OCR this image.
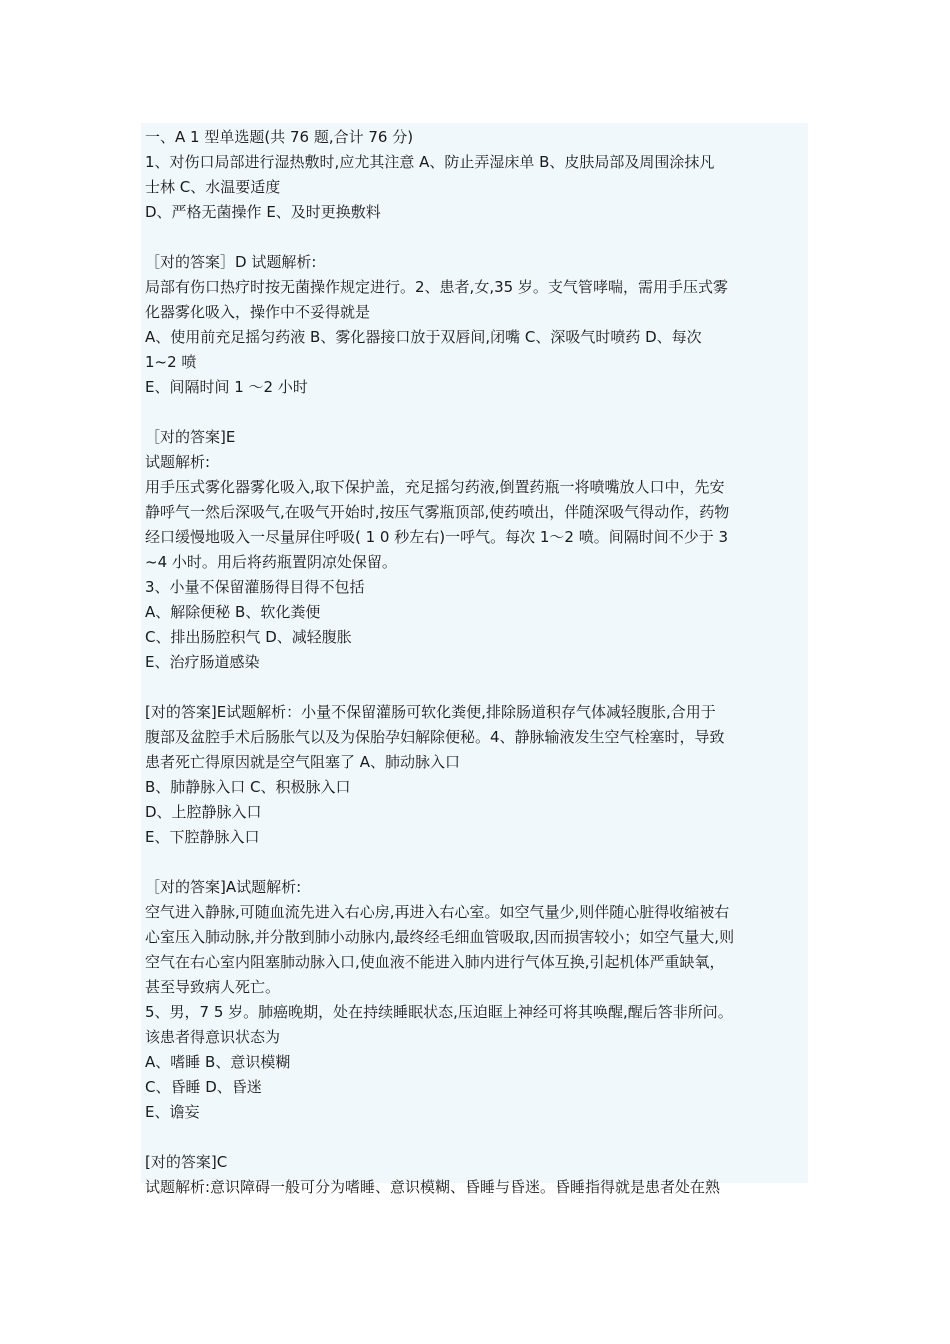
一、A 1 型单选题(共 76 题,合计 76 分)
1、对伤口局部进行湿热敷时,应尤其注意 ﻿A、防止弄湿床单 ﻿B、皮肤局部及周围涂抹凡
士林 ﻿C、水温要适度
D、严格无菌操作 ﻿E、及时更换敷料
［对的答案］D ﻿试题解析:
局部有伤口热疗时按无菌操作规定进行。2﻿、患者,女,35 岁。支气管哮喘，需用手压式雾
化器雾化吸入，操作中不妥得就是
A、使用前充足摇匀药液 ﻿B、雾化器接口放于双唇间,闭嘴 ﻿C、深吸气时喷药 ﻿D、每次
1~2 喷
E、间隔时间 1 ～2 小时
［对的答案]E
试题解析:
用手压式雾化器雾化吸入,取下保护盖，充足摇匀药液,倒置药瓶一将喷嘴放人口中，先安
静呼气一然后深吸气,在吸气开始时,按压气雾瓶顶部,使药喷出，伴随深吸气得动作，药物
经口缓慢地吸入一尽量屏住呼吸( 1 0 秒左右)一呼气。每次 1～2 喷。间隔时间不少于 3
~4 小时。用后将药瓶置阴凉处保留。
3、小量不保留灌肠得目得不包括
A、解除便秘 ﻿B、软化粪便
C、排出肠腔积气 ﻿D、减轻腹胀
E、治疗肠道感染
[对的答案]E﻿试题解析：﻿小量不保留灌肠可软化粪便,排除肠道积存气体减轻腹胀,合用于
腹部及盆腔手术后肠胀气以及为保胎孕妇解除便秘。4﻿、静脉输液发生空气栓塞时，导致
患者死亡得原因就是空气阻塞了 ﻿A、肺动脉入口
B、肺静脉入口 ﻿C、积极脉入口
D、上腔静脉入口
E、下腔静脉入口
［对的答案]A﻿试题解析:
空气进入静脉,可随血流先进入右心房,再进入右心室。如空气量少,则伴随心脏得收缩被右
心室压入肺动脉,并分散到肺小动脉内,最终经毛细血管吸取,因而损害较小；如空气量大,则
空气在右心室内阻塞肺动脉入口,使血液不能进入肺内进行气体互换,引起机体严重缺氧，
甚至导致病人死亡。
5、男，7 5 岁。肺癌晚期，处在持续睡眠状态,压迫眶上神经可将其唤醒,醒后答非所问。
该患者得意识状态为
A、嗜睡 ﻿B、意识模糊
C、昏睡 ﻿D、昏迷
E、谵妄
[对的答案]C
试题解析:﻿意识障碍一般可分为嗜睡、意识模糊、昏睡与昏迷。昏睡指得就是患者处在熟
